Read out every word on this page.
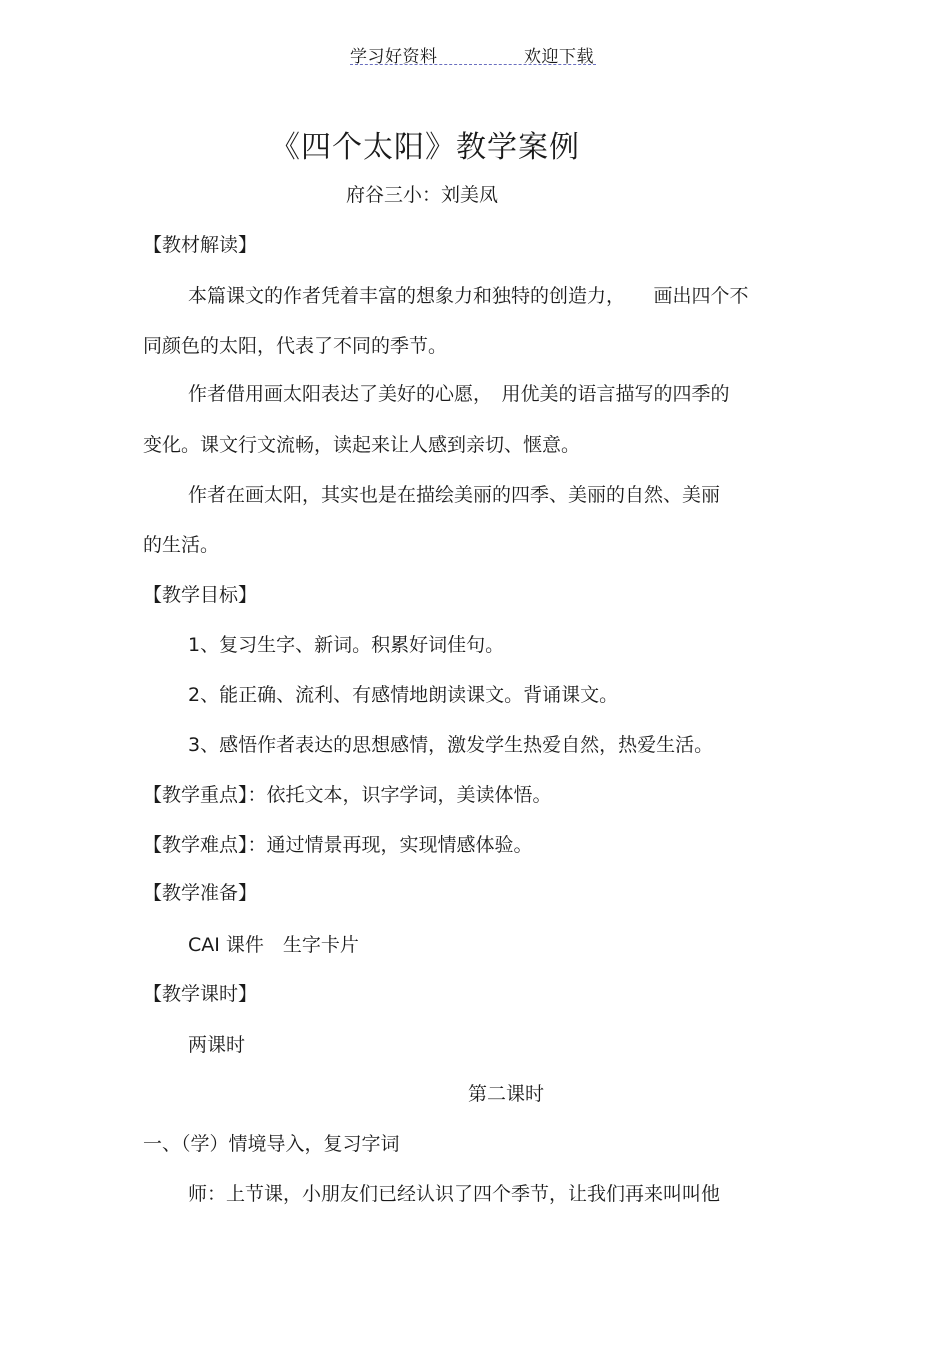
学习好资料	欢迎下载
《四个太阳》教学案例
府谷三小：刘美凤
【教材解读】
本篇课文的作者凭着丰富的想象力和独特的创造力，　　画出四个不
同颜色的太阳，代表了不同的季节。
作者借用画太阳表达了美好的心愿，　用优美的语言描写的四季的
变化。课文行文流畅，读起来让人感到亲切、惬意。
作者在画太阳，其实也是在描绘美丽的四季、美丽的自然、美丽
的生活。
【教学目标】
1、复习生字、新词。积累好词佳句。
2、能正确、流利、有感情地朗读课文。背诵课文。
3、感悟作者表达的思想感情，激发学生热爱自然，热爱生活。
【教学重点】：依托文本，识字学词，美读体悟。
【教学难点】：通过情景再现，实现情感体验。
【教学准备】
CAI 课件　生字卡片
【教学课时】
两课时
第二课时
一、（学）情境导入，复习字词
师：上节课，小朋友们已经认识了四个季节，让我们再来叫叫他
